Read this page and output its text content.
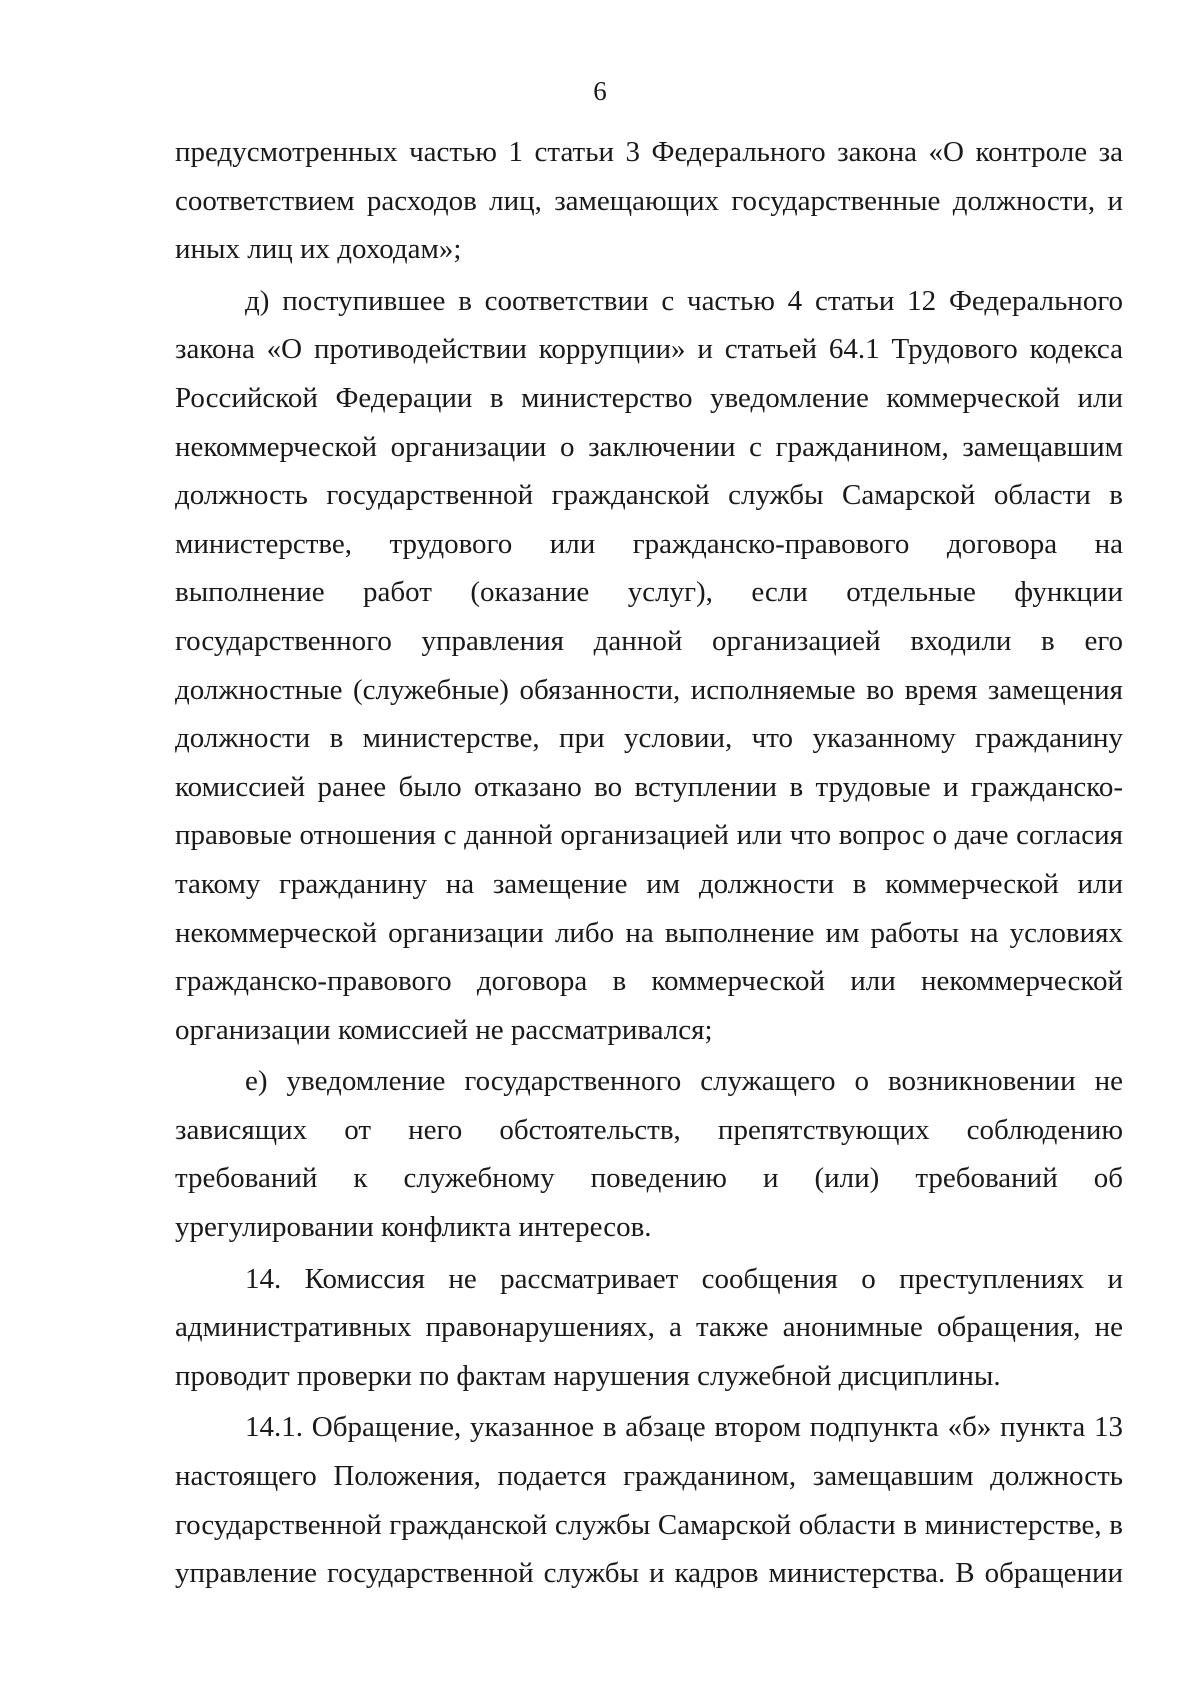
6

предусмотренных частью 1 статьи 3 Федерального закона «О контроле за соответствием расходов лиц, замещающих государственные должности, и иных лиц их доходам»;

д) поступившее в соответствии с частью 4 статьи 12 Федерального закона «О противодействии коррупции» и статьей 64.1 Трудового кодекса Российской Федерации в министерство уведомление коммерческой или некоммерческой организации о заключении с гражданином, замещавшим должность государственной гражданской службы Самарской области в министерстве, трудового или гражданско-правового договора на выполнение работ (оказание услуг), если отдельные функции государственного управления данной организацией входили в его должностные (служебные) обязанности, исполняемые во время замещения должности в министерстве, при условии, что указанному гражданину комиссией ранее было отказано во вступлении в трудовые и гражданско-правовые отношения с данной организацией или что вопрос о даче согласия такому гражданину на замещение им должности в коммерческой или некоммерческой организации либо на выполнение им работы на условиях гражданско-правового договора в коммерческой или некоммерческой организации комиссией не рассматривался;

е) уведомление государственного служащего о возникновении не зависящих от него обстоятельств, препятствующих соблюдению требований к служебному поведению и (или) требований об урегулировании конфликта интересов.

14. Комиссия не рассматривает сообщения о преступлениях и административных правонарушениях, а также анонимные обращения, не проводит проверки по фактам нарушения служебной дисциплины.

14.1. Обращение, указанное в абзаце втором подпункта «б» пункта 13 настоящего Положения, подается гражданином, замещавшим должность государственной гражданской службы Самарской области в министерстве, в управление государственной службы и кадров министерства. В обращении
